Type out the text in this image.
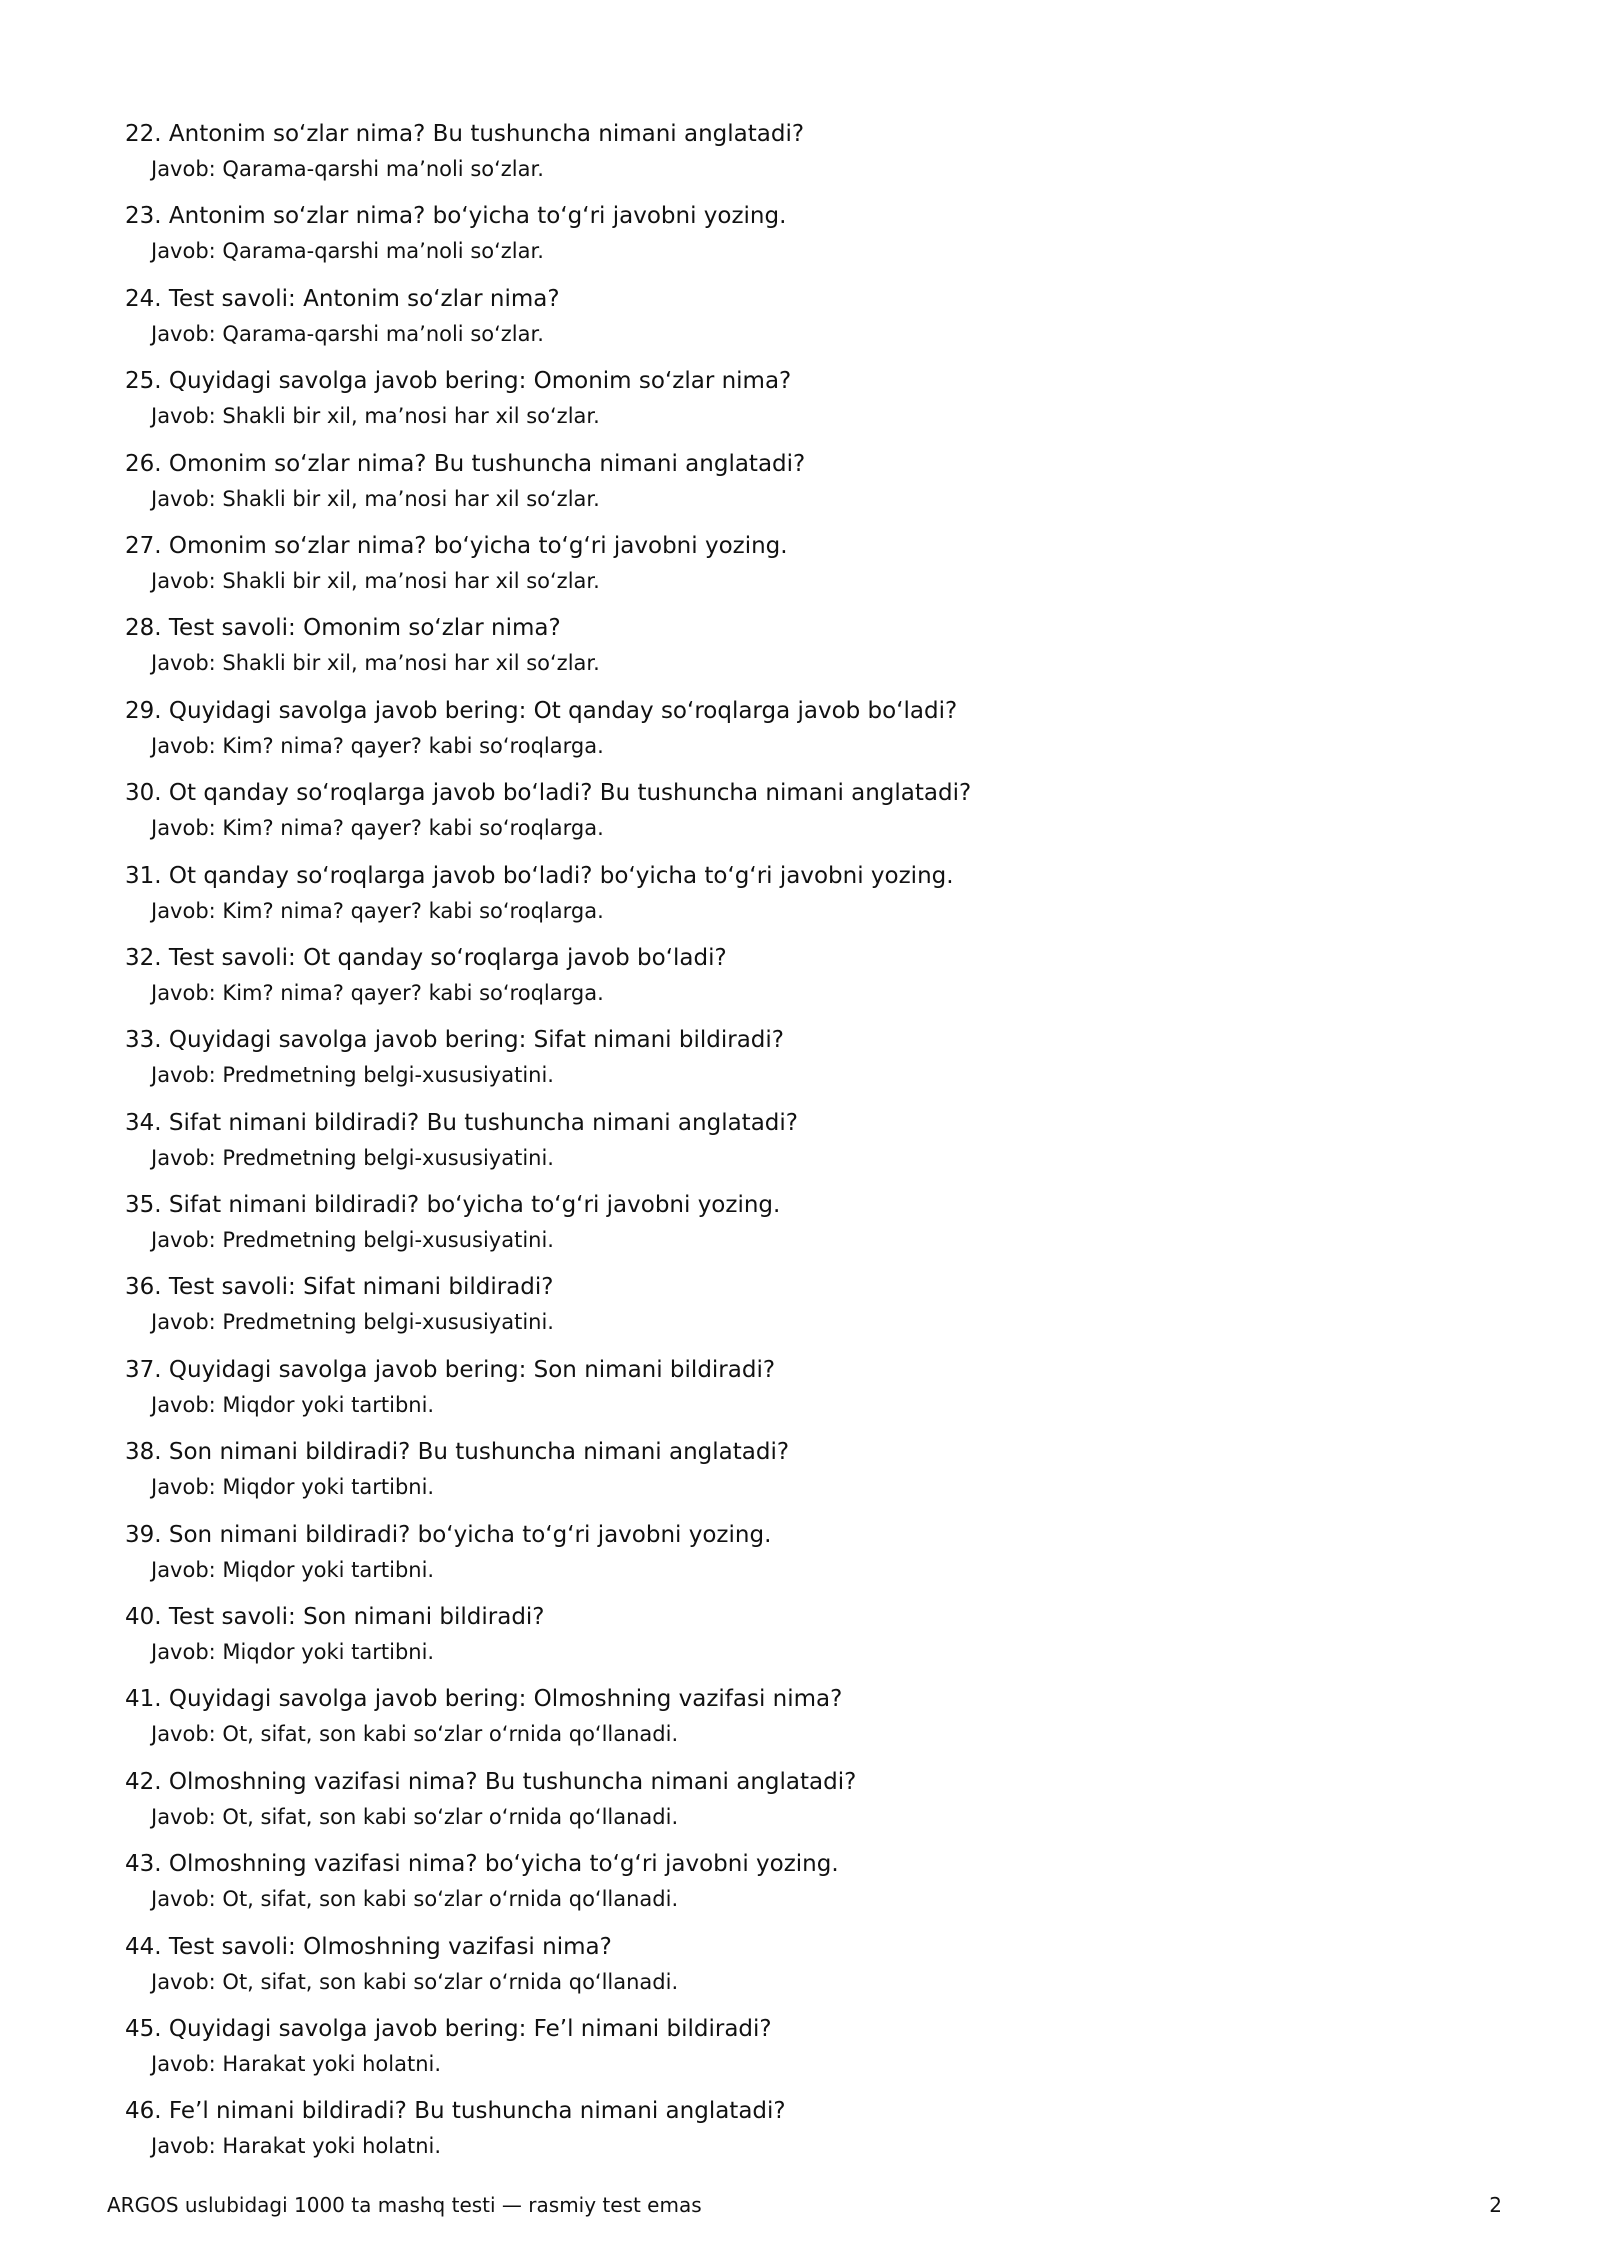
22. Antonim so‘zlar nima? Bu tushuncha nimani anglatadi?
Javob: Qarama-qarshi ma’noli so‘zlar.
23. Antonim so‘zlar nima? bo‘yicha to‘g‘ri javobni yozing.
Javob: Qarama-qarshi ma’noli so‘zlar.
24. Test savoli: Antonim so‘zlar nima?
Javob: Qarama-qarshi ma’noli so‘zlar.
25. Quyidagi savolga javob bering: Omonim so‘zlar nima?
Javob: Shakli bir xil, ma’nosi har xil so‘zlar.
26. Omonim so‘zlar nima? Bu tushuncha nimani anglatadi?
Javob: Shakli bir xil, ma’nosi har xil so‘zlar.
27. Omonim so‘zlar nima? bo‘yicha to‘g‘ri javobni yozing.
Javob: Shakli bir xil, ma’nosi har xil so‘zlar.
28. Test savoli: Omonim so‘zlar nima?
Javob: Shakli bir xil, ma’nosi har xil so‘zlar.
29. Quyidagi savolga javob bering: Ot qanday so‘roqlarga javob bo‘ladi?
Javob: Kim? nima? qayer? kabi so‘roqlarga.
30. Ot qanday so‘roqlarga javob bo‘ladi? Bu tushuncha nimani anglatadi?
Javob: Kim? nima? qayer? kabi so‘roqlarga.
31. Ot qanday so‘roqlarga javob bo‘ladi? bo‘yicha to‘g‘ri javobni yozing.
Javob: Kim? nima? qayer? kabi so‘roqlarga.
32. Test savoli: Ot qanday so‘roqlarga javob bo‘ladi?
Javob: Kim? nima? qayer? kabi so‘roqlarga.
33. Quyidagi savolga javob bering: Sifat nimani bildiradi?
Javob: Predmetning belgi-xususiyatini.
34. Sifat nimani bildiradi? Bu tushuncha nimani anglatadi?
Javob: Predmetning belgi-xususiyatini.
35. Sifat nimani bildiradi? bo‘yicha to‘g‘ri javobni yozing.
Javob: Predmetning belgi-xususiyatini.
36. Test savoli: Sifat nimani bildiradi?
Javob: Predmetning belgi-xususiyatini.
37. Quyidagi savolga javob bering: Son nimani bildiradi?
Javob: Miqdor yoki tartibni.
38. Son nimani bildiradi? Bu tushuncha nimani anglatadi?
Javob: Miqdor yoki tartibni.
39. Son nimani bildiradi? bo‘yicha to‘g‘ri javobni yozing.
Javob: Miqdor yoki tartibni.
40. Test savoli: Son nimani bildiradi?
Javob: Miqdor yoki tartibni.
41. Quyidagi savolga javob bering: Olmoshning vazifasi nima?
Javob: Ot, sifat, son kabi so‘zlar o‘rnida qo‘llanadi.
42. Olmoshning vazifasi nima? Bu tushuncha nimani anglatadi?
Javob: Ot, sifat, son kabi so‘zlar o‘rnida qo‘llanadi.
43. Olmoshning vazifasi nima? bo‘yicha to‘g‘ri javobni yozing.
Javob: Ot, sifat, son kabi so‘zlar o‘rnida qo‘llanadi.
44. Test savoli: Olmoshning vazifasi nima?
Javob: Ot, sifat, son kabi so‘zlar o‘rnida qo‘llanadi.
45. Quyidagi savolga javob bering: Fe’l nimani bildiradi?
Javob: Harakat yoki holatni.
46. Fe’l nimani bildiradi? Bu tushuncha nimani anglatadi?
Javob: Harakat yoki holatni.
ARGOS uslubidagi 1000 ta mashq testi — rasmiy test emas	2
